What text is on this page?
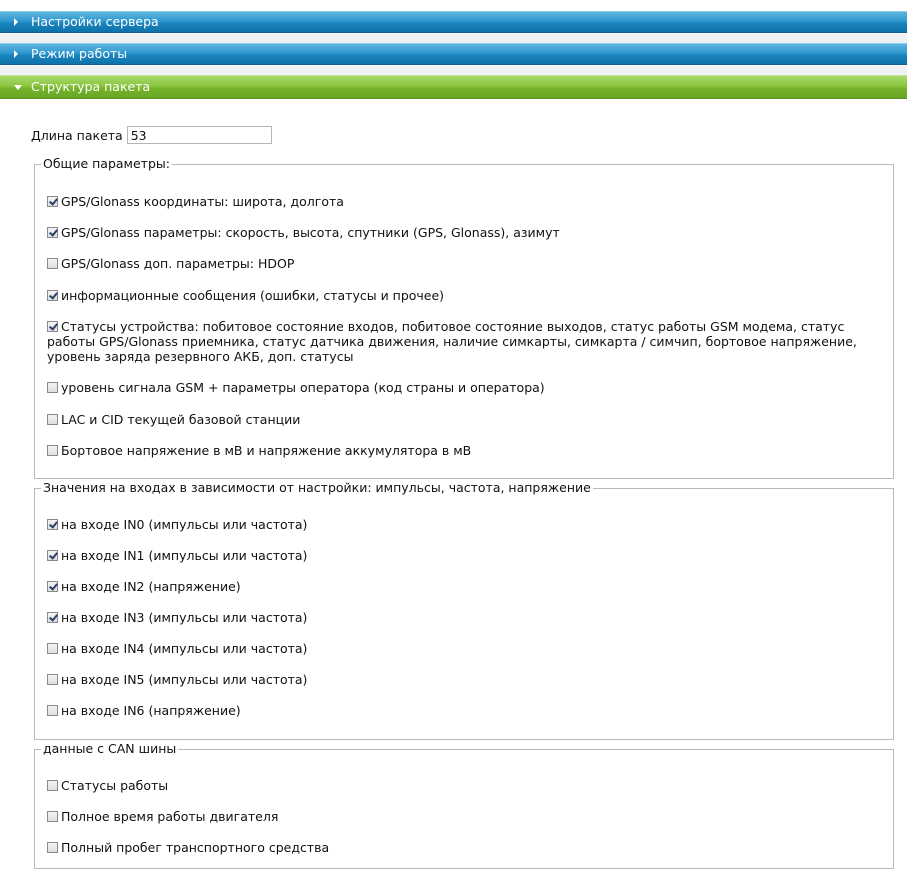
Настройки сервера
Режим работы
Структура пакета
Длина пакета
53
Общие параметры:
GPS/Glonass координаты: широта, долгота
GPS/Glonass параметры: скорость, высота, спутники (GPS, Glonass), азимут
GPS/Glonass доп. параметры: HDOP
информационные сообщения (ошибки, статусы и прочее)
Статусы устройства: побитовое состояние входов, побитовое состояние выходов, статус работы GSM модема, статус работы GPS/Glonass приемника, статус датчика движения, наличие симкарты, симкарта / симчип, бортовое напряжение, уровень заряда резервного АКБ, доп. статусы
уровень сигнала GSM + параметры оператора (код страны и оператора)
LAC и CID текущей базовой станции
Бортовое напряжение в мВ и напряжение аккумулятора в мВ
Значения на входах в зависимости от настройки: импульсы, частота, напряжение
на входе IN0 (импульсы или частота)
на входе IN1 (импульсы или частота)
на входе IN2 (напряжение)
на входе IN3 (импульсы или частота)
на входе IN4 (импульсы или частота)
на входе IN5 (импульсы или частота)
на входе IN6 (напряжение)
данные с CAN шины
Статусы работы
Полное время работы двигателя
Полный пробег транспортного средства
